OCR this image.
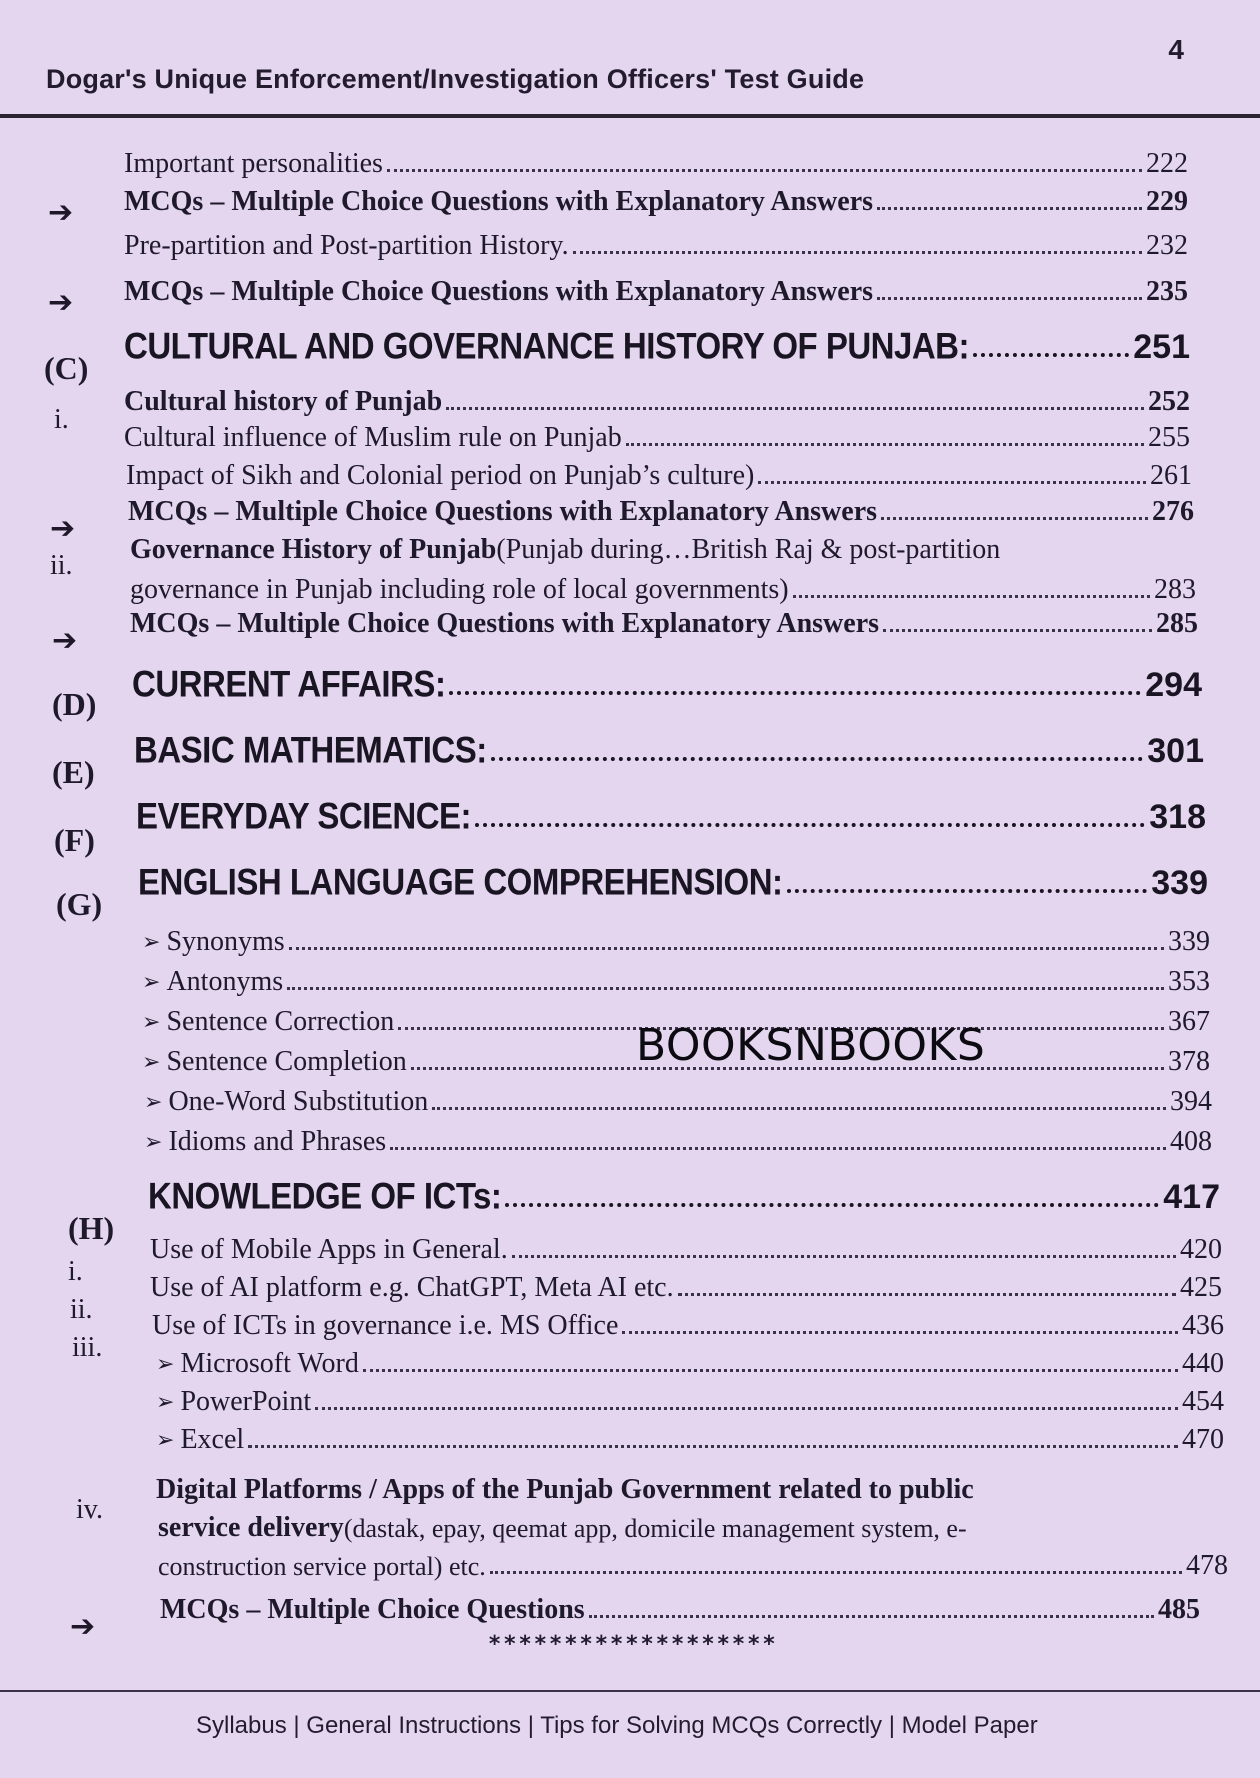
Dogar's Unique Enforcement/Investigation Officers' Test Guide
4
Important personalities	222
➔ MCQs – Multiple Choice Questions with Explanatory Answers	229
Pre-partition and Post-partition History.	232
➔ MCQs – Multiple Choice Questions with Explanatory Answers	235
(C)
CULTURAL AND GOVERNANCE HISTORY OF PUNJAB:	251
i.
Cultural history of Punjab	252
Cultural influence of Muslim rule on Punjab	255
Impact of Sikh and Colonial period on Punjab’s culture)	261
➔ MCQs – Multiple Choice Questions with Explanatory Answers	276
ii.
Governance History of Punjab (Punjab during…British Raj & post-partition
governance in Punjab including role of local governments)	283
➔ MCQs – Multiple Choice Questions with Explanatory Answers	285
(D) CURRENT AFFAIRS:	294
(E)
BASIC MATHEMATICS:	301
(F)
EVERYDAY SCIENCE:	318
(G)
ENGLISH LANGUAGE COMPREHENSION:	339
➢ Synonyms	339
➢ Antonyms	353
➢ Sentence Correction	367
➢ Sentence Completion	378
➢ One-Word Substitution	394
➢ Idioms and Phrases	408
(H)
KNOWLEDGE OF ICTs:	417
i.
Use of Mobile Apps in General.	420
ii.
Use of AI platform e.g. ChatGPT, Meta AI etc.	425
iii.
Use of ICTs in governance i.e. MS Office	436
➢ Microsoft Word	440
➢ PowerPoint	454
➢ Excel	470
iv.
Digital Platforms / Apps of the Punjab Government related to public
service delivery (dastak, epay, qeemat app, domicile management system, e-
construction service portal) etc.	478
➔ MCQs – Multiple Choice Questions	485
BOOKSNBOOKS
*******************
Syllabus | General Instructions | Tips for Solving MCQs Correctly | Model Paper
